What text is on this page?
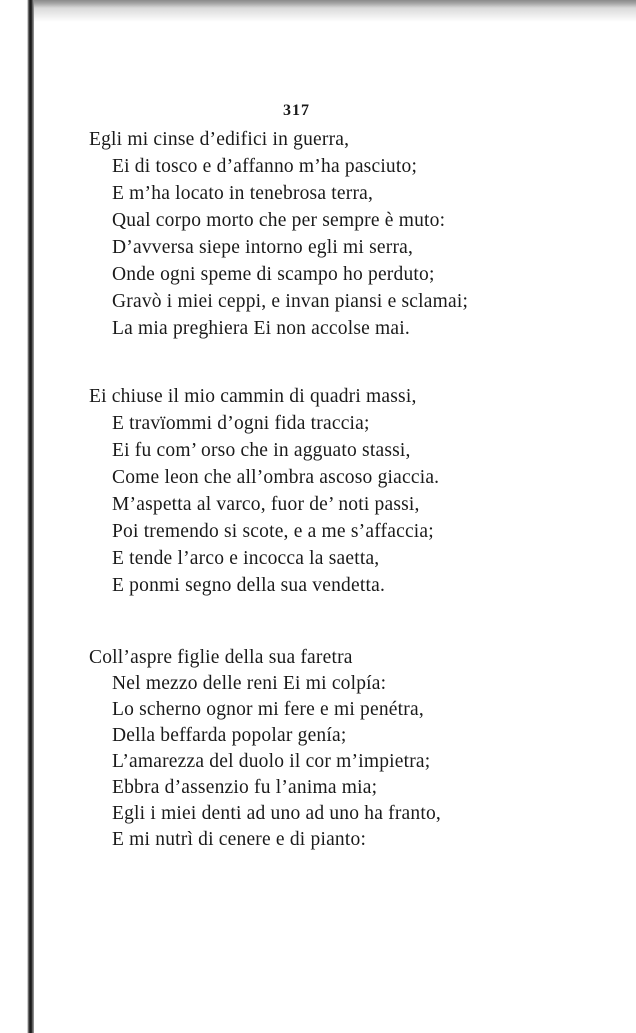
317
Egli mi cinse d’edifici in guerra,
Ei di tosco e d’affanno m’ha pasciuto;
E m’ha locato in tenebrosa terra,
Qual corpo morto che per sempre è muto:
D’avversa siepe intorno egli mi serra,
Onde ogni speme di scampo ho perduto;
Gravò i miei ceppi, e invan piansi e sclamai;
La mia preghiera Ei non accolse mai.
Ei chiuse il mio cammin di quadri massi,
E travïommi d’ogni fida traccia;
Ei fu com’ orso che in agguato stassi,
Come leon che all’ombra ascoso giaccia.
M’aspetta al varco, fuor de’ noti passi,
Poi tremendo si scote, e a me s’affaccia;
E tende l’arco e incocca la saetta,
E ponmi segno della sua vendetta.
Coll’aspre figlie della sua faretra
Nel mezzo delle reni Ei mi colpía:
Lo scherno ognor mi fere e mi penétra,
Della beffarda popolar genía;
L’amarezza del duolo il cor m’impietra;
Ebbra d’assenzio fu l’anima mia;
Egli i miei denti ad uno ad uno ha franto,
E mi nutrì di cenere e di pianto:
